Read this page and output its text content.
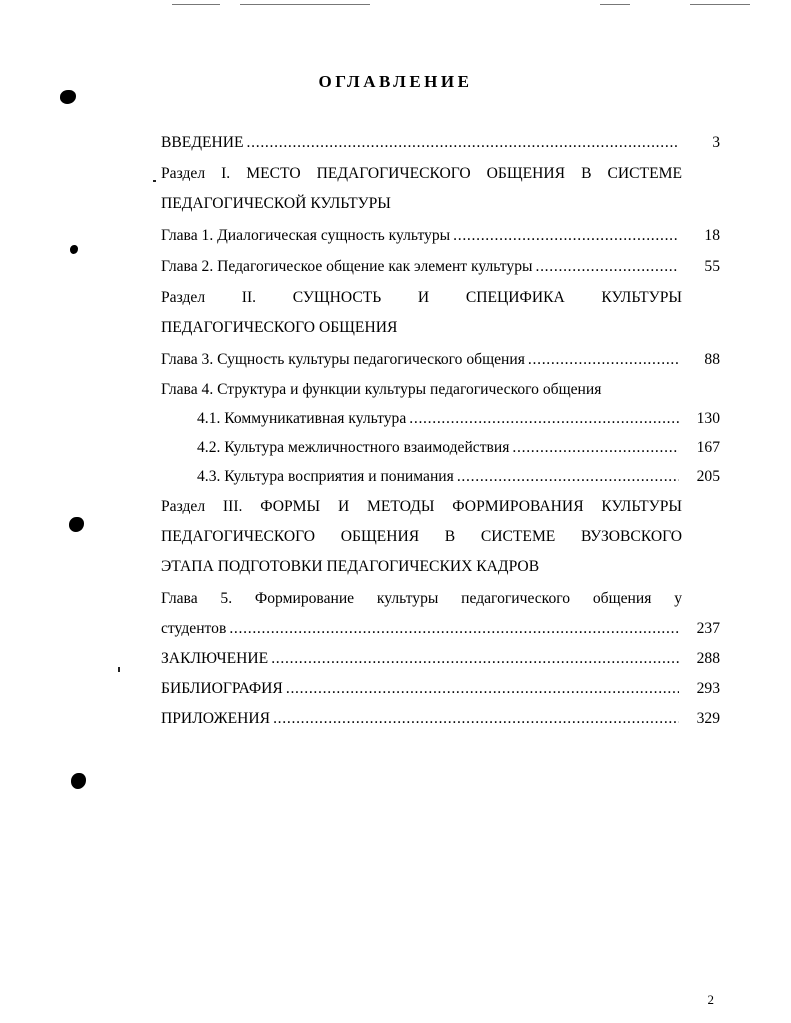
ОГЛАВЛЕНИЕ
ВВЕДЕНИЕ . . .	3
Раздел I. МЕСТО ПЕДАГОГИЧЕСКОГО ОБЩЕНИЯ В СИСТЕМЕ
ПЕДАГОГИЧЕСКОЙ КУЛЬТУРЫ
Глава 1. Диалогическая сущность культуры . . .	18
Глава 2. Педагогическое общение как элемент культуры . . .	55
Раздел II. СУЩНОСТЬ И СПЕЦИФИКА КУЛЬТУРЫ
ПЕДАГОГИЧЕСКОГО ОБЩЕНИЯ
Глава 3. Сущность культуры педагогического общения . . .	88
Глава 4. Структура и функции культуры педагогического общения
4.1. Коммуникативная культура . . .	130
4.2. Культура межличностного взаимодействия . . .	167
4.3. Культура восприятия и понимания . . .	205
Раздел III. ФОРМЫ И МЕТОДЫ ФОРМИРОВАНИЯ КУЛЬТУРЫ
ПЕДАГОГИЧЕСКОГО ОБЩЕНИЯ В СИСТЕМЕ ВУЗОВСКОГО
ЭТАПА ПОДГОТОВКИ ПЕДАГОГИЧЕСКИХ КАДРОВ
Глава 5. Формирование культуры педагогического общения у
студентов . . .	237
ЗАКЛЮЧЕНИЕ . . .	288
БИБЛИОГРАФИЯ . . .	293
ПРИЛОЖЕНИЯ . . .	329
2
